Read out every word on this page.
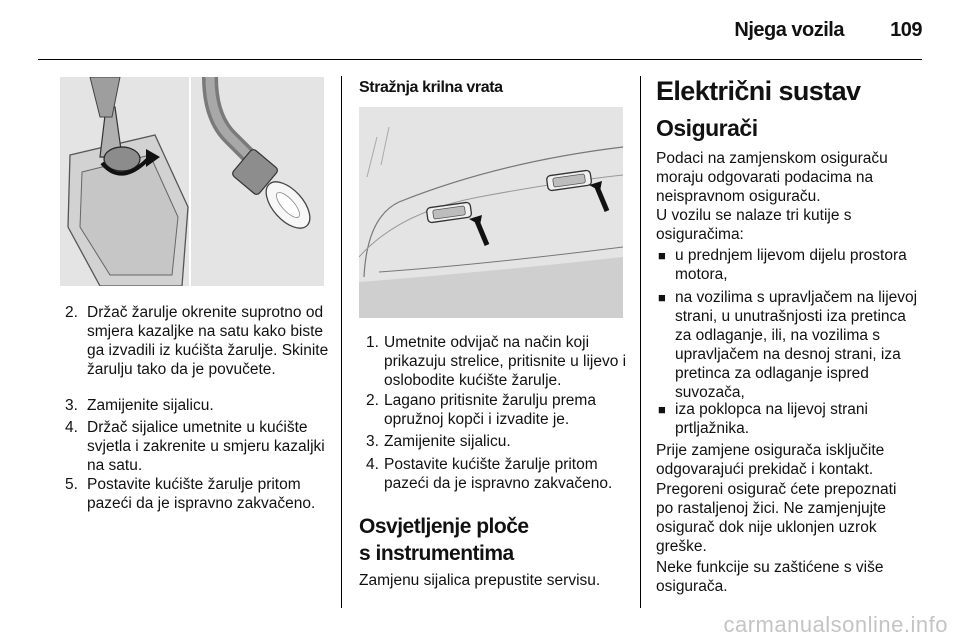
Njega vozila 109
2. Držač žarulje okrenite suprotno od smjera kazaljke na satu kako biste ga izvadili iz kućišta žarulje. Skinite žarulju tako da je povučete.
3. Zamijenite sijalicu.
4. Držač sijalice umetnite u kućište svjetla i zakrenite u smjeru kazaljki na satu.
5. Postavite kućište žarulje pritom pazeći da je ispravno zakvačeno.
Stražnja krilna vrata
1. Umetnite odvijač na način koji prikazuju strelice, pritisnite u lijevo i oslobodite kućište žarulje.
2. Lagano pritisnite žarulju prema opružnoj kopči i izvadite je.
3. Zamijenite sijalicu.
4. Postavite kućište žarulje pritom pazeći da je ispravno zakvačeno.
Osvjetljenje ploče
s instrumentima
Zamjenu sijalica prepustite servisu.
Električni sustav
Osigurači
Podaci na zamjenskom osiguraču moraju odgovarati podacima na neispravnom osiguraču.
U vozilu se nalaze tri kutije s osiguračima:
■ u prednjem lijevom dijelu prostora motora,
■ na vozilima s upravljačem na lijevoj strani, u unutrašnjosti iza pretinca za odlaganje, ili, na vozilima s upravljačem na desnoj strani, iza pretinca za odlaganje ispred suvozača,
■ iza poklopca na lijevoj strani prtljažnika.
Prije zamjene osigurača isključite odgovarajući prekidač i kontakt.
Pregoreni osigurač ćete prepoznati po rastaljenoj žici. Ne zamjenjujte osigurač dok nije uklonjen uzrok greške.
Neke funkcije su zaštićene s više osigurača.
carmanualsonline.info
